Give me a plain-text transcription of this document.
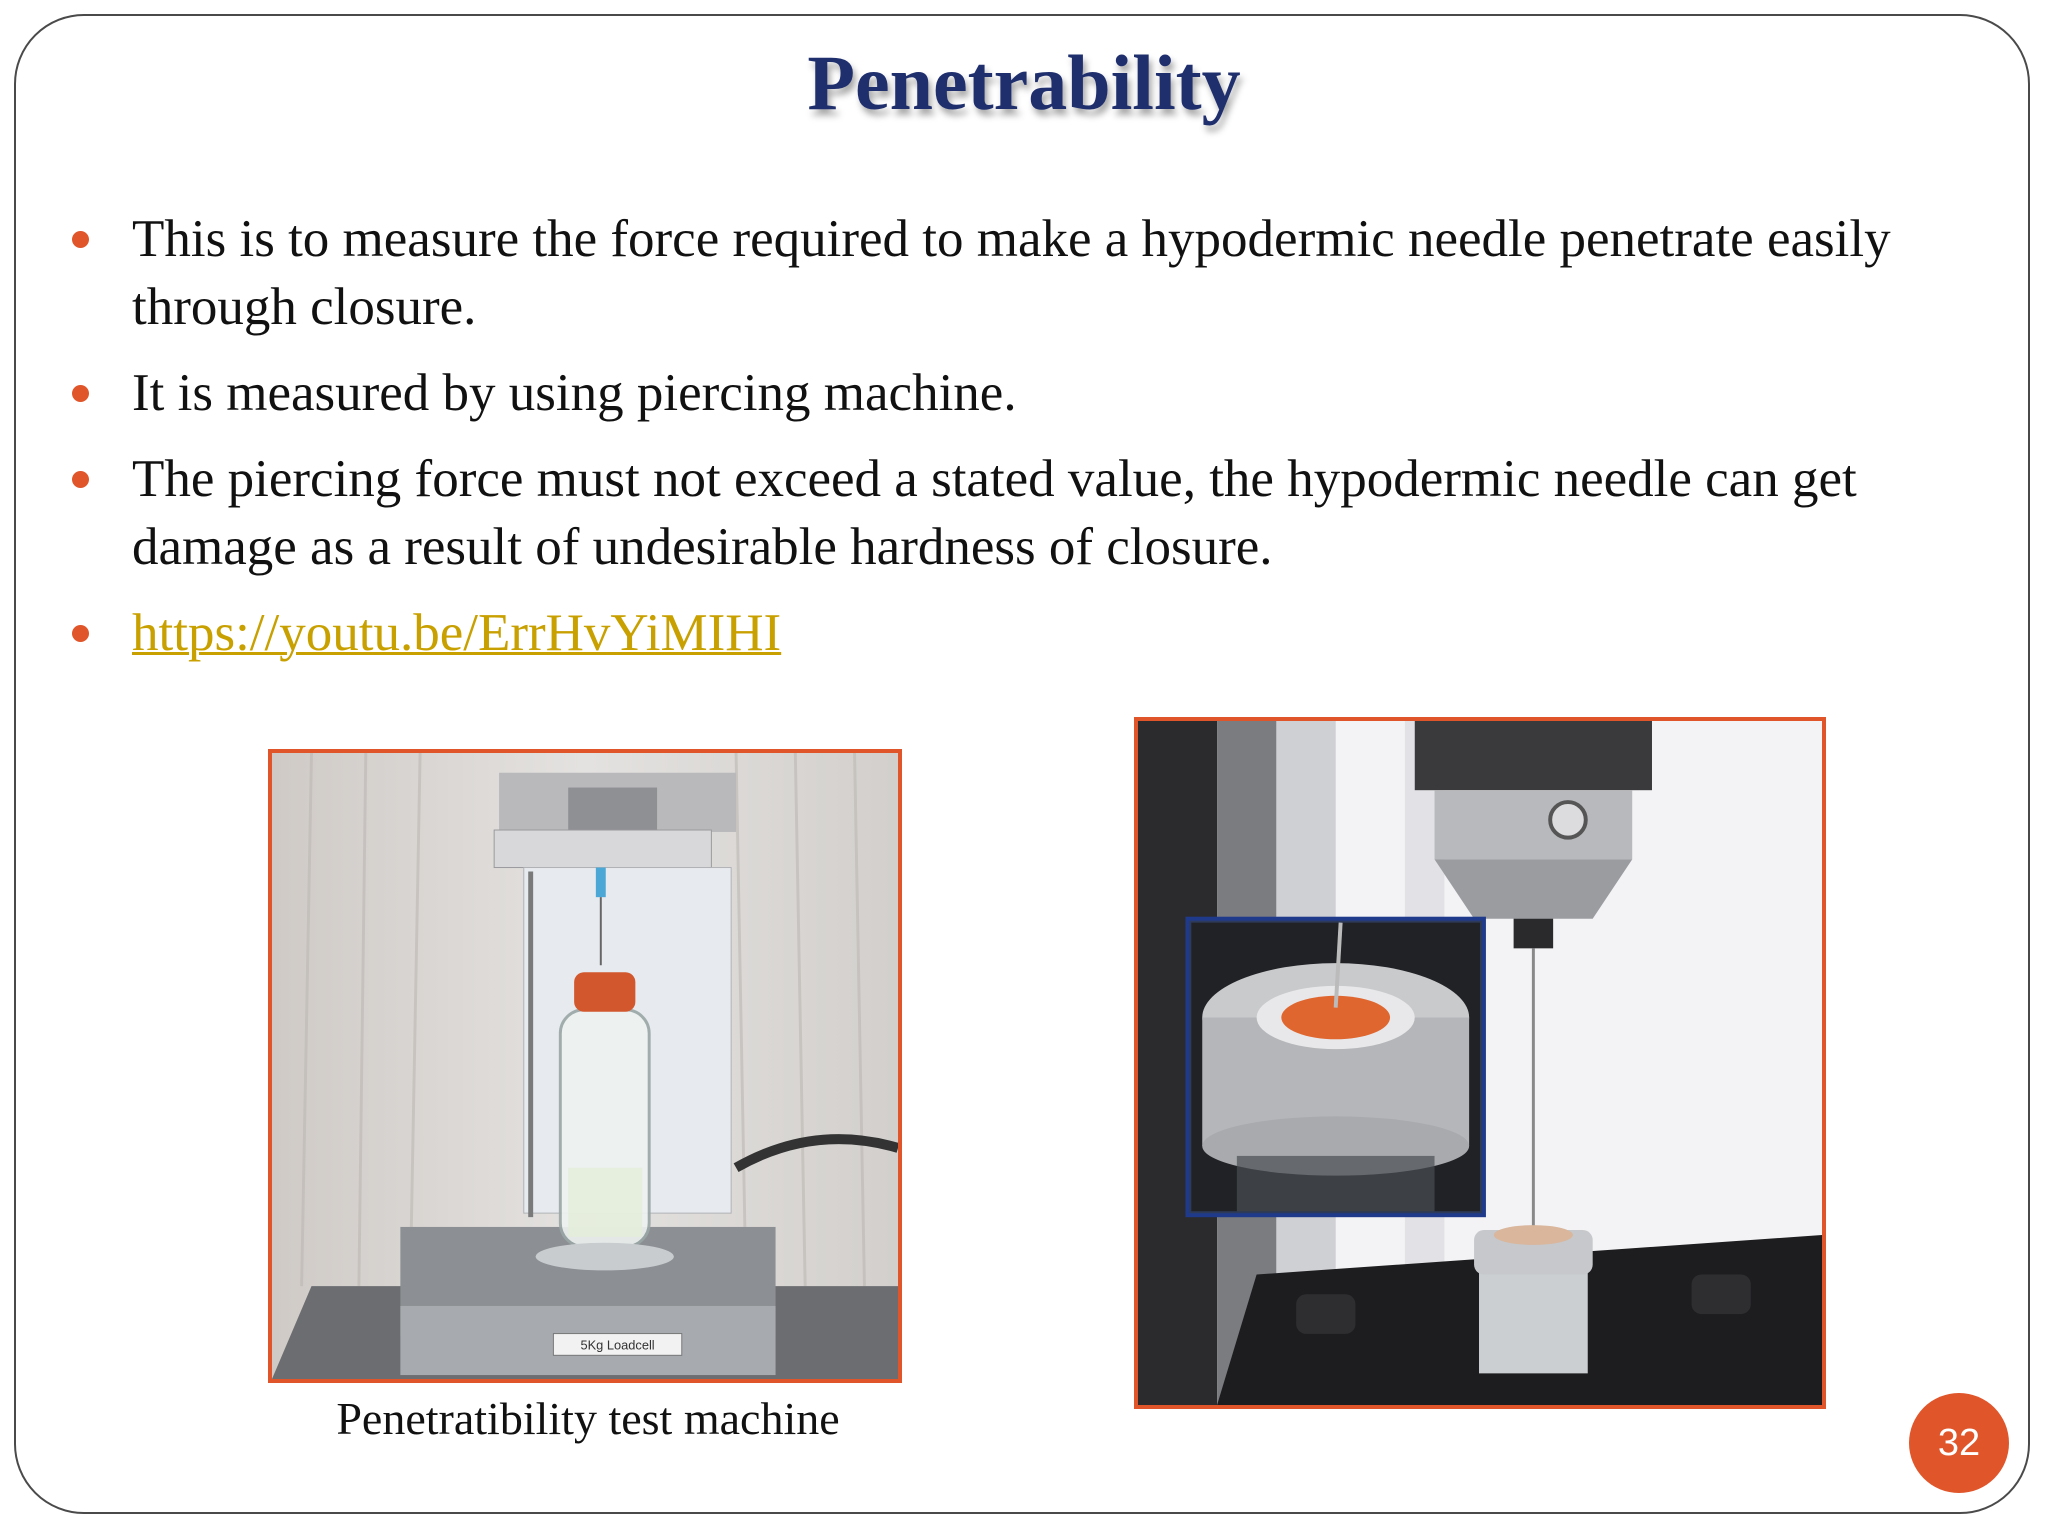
Penetrability
This is to measure the force required to make a hypodermic needle penetrate easily through closure.
It is measured by using piercing machine.
The piercing force must not exceed a stated value, the hypodermic needle can get damage as a result of undesirable hardness of closure.
https://youtu.be/ErrHvYiMIHI
5Kg Loadcell
Penetratibility test machine	32
